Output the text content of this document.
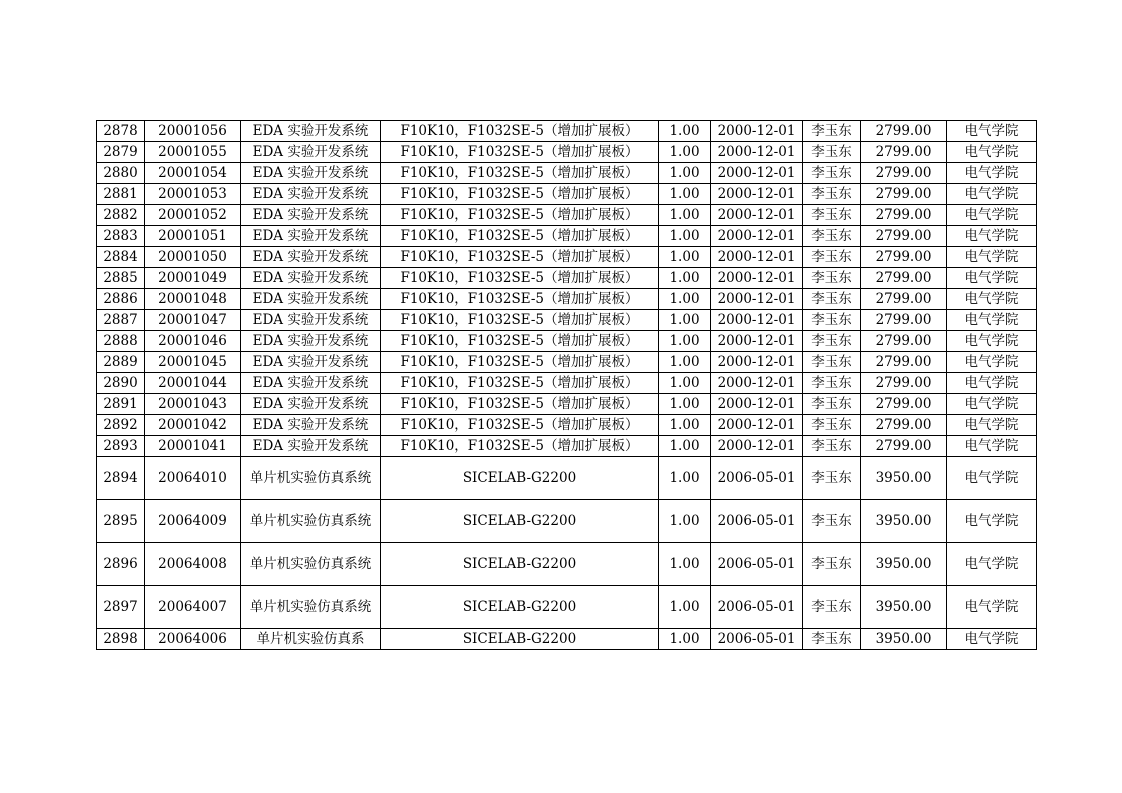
2878	20001056	EDA 实验开发系统	F10K10，F1032SE-5（增加扩展板）	1.00	2000-12-01	李玉东	2799.00	电气学院
2879	20001055	EDA 实验开发系统	F10K10，F1032SE-5（增加扩展板）	1.00	2000-12-01	李玉东	2799.00	电气学院
2880	20001054	EDA 实验开发系统	F10K10，F1032SE-5（增加扩展板）	1.00	2000-12-01	李玉东	2799.00	电气学院
2881	20001053	EDA 实验开发系统	F10K10，F1032SE-5（增加扩展板）	1.00	2000-12-01	李玉东	2799.00	电气学院
2882	20001052	EDA 实验开发系统	F10K10，F1032SE-5（增加扩展板）	1.00	2000-12-01	李玉东	2799.00	电气学院
2883	20001051	EDA 实验开发系统	F10K10，F1032SE-5（增加扩展板）	1.00	2000-12-01	李玉东	2799.00	电气学院
2884	20001050	EDA 实验开发系统	F10K10，F1032SE-5（增加扩展板）	1.00	2000-12-01	李玉东	2799.00	电气学院
2885	20001049	EDA 实验开发系统	F10K10，F1032SE-5（增加扩展板）	1.00	2000-12-01	李玉东	2799.00	电气学院
2886	20001048	EDA 实验开发系统	F10K10，F1032SE-5（增加扩展板）	1.00	2000-12-01	李玉东	2799.00	电气学院
2887	20001047	EDA 实验开发系统	F10K10，F1032SE-5（增加扩展板）	1.00	2000-12-01	李玉东	2799.00	电气学院
2888	20001046	EDA 实验开发系统	F10K10，F1032SE-5（增加扩展板）	1.00	2000-12-01	李玉东	2799.00	电气学院
2889	20001045	EDA 实验开发系统	F10K10，F1032SE-5（增加扩展板）	1.00	2000-12-01	李玉东	2799.00	电气学院
2890	20001044	EDA 实验开发系统	F10K10，F1032SE-5（增加扩展板）	1.00	2000-12-01	李玉东	2799.00	电气学院
2891	20001043	EDA 实验开发系统	F10K10，F1032SE-5（增加扩展板）	1.00	2000-12-01	李玉东	2799.00	电气学院
2892	20001042	EDA 实验开发系统	F10K10，F1032SE-5（增加扩展板）	1.00	2000-12-01	李玉东	2799.00	电气学院
2893	20001041	EDA 实验开发系统	F10K10，F1032SE-5（增加扩展板）	1.00	2000-12-01	李玉东	2799.00	电气学院
2894	20064010	单片机实验仿真系统	SICELAB-G2200	1.00	2006-05-01	李玉东	3950.00	电气学院
2895	20064009	单片机实验仿真系统	SICELAB-G2200	1.00	2006-05-01	李玉东	3950.00	电气学院
2896	20064008	单片机实验仿真系统	SICELAB-G2200	1.00	2006-05-01	李玉东	3950.00	电气学院
2897	20064007	单片机实验仿真系统	SICELAB-G2200	1.00	2006-05-01	李玉东	3950.00	电气学院
2898	20064006	单片机实验仿真系	SICELAB-G2200	1.00	2006-05-01	李玉东	3950.00	电气学院
